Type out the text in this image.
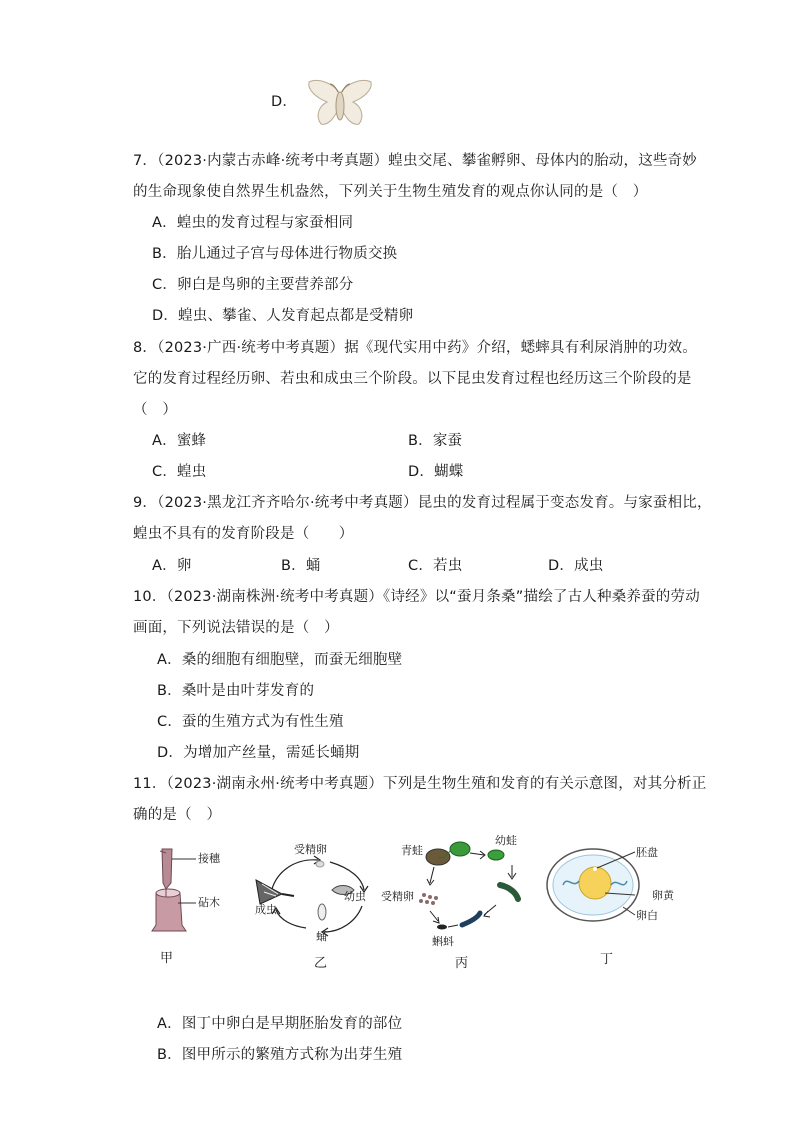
D．
7．（2023·内蒙古赤峰·统考中考真题）蝗虫交尾、攀雀孵卵、母体内的胎动，这些奇妙
的生命现象使自然界生机盎然，下列关于生物生殖发育的观点你认同的是（　）
A．蝗虫的发育过程与家蚕相同
B．胎儿通过子宫与母体进行物质交换
C．卵白是鸟卵的主要营养部分
D．蝗虫、攀雀、人发育起点都是受精卵
8．（2023·广西·统考中考真题）据《现代实用中药》介绍，蟋蟀具有利尿消肿的功效。
它的发育过程经历卵、若虫和成虫三个阶段。以下昆虫发育过程也经历这三个阶段的是
（　）
A．蜜蜂	B．家蚕
C．蝗虫	D．蝴蝶
9．（2023·黑龙江齐齐哈尔·统考中考真题）昆虫的发育过程属于变态发育。与家蚕相比，
蝗虫不具有的发育阶段是（　　）
A．卵	B．蛹	C．若虫	D．成虫
10．（2023·湖南株洲·统考中考真题）《诗经》以“蚕月条桑”描绘了古人种桑养蚕的劳动
画面，下列说法错误的是（　）
A．桑的细胞有细胞壁，而蚕无细胞壁
B．桑叶是由叶芽发育的
C．蚕的生殖方式为有性生殖
D．为增加产丝量，需延长蛹期
11．（2023·湖南永州·统考中考真题）下列是生物生殖和发育的有关示意图，对其分析正
确的是（　）
接穗
砧木
甲
受精卵
幼虫
蛹
成虫
乙
青蛙
幼蛙
受精卵
蝌蚪
丙
胚盘
卵黄
卵白
丁
A．图丁中卵白是早期胚胎发育的部位
B．图甲所示的繁殖方式称为出芽生殖
